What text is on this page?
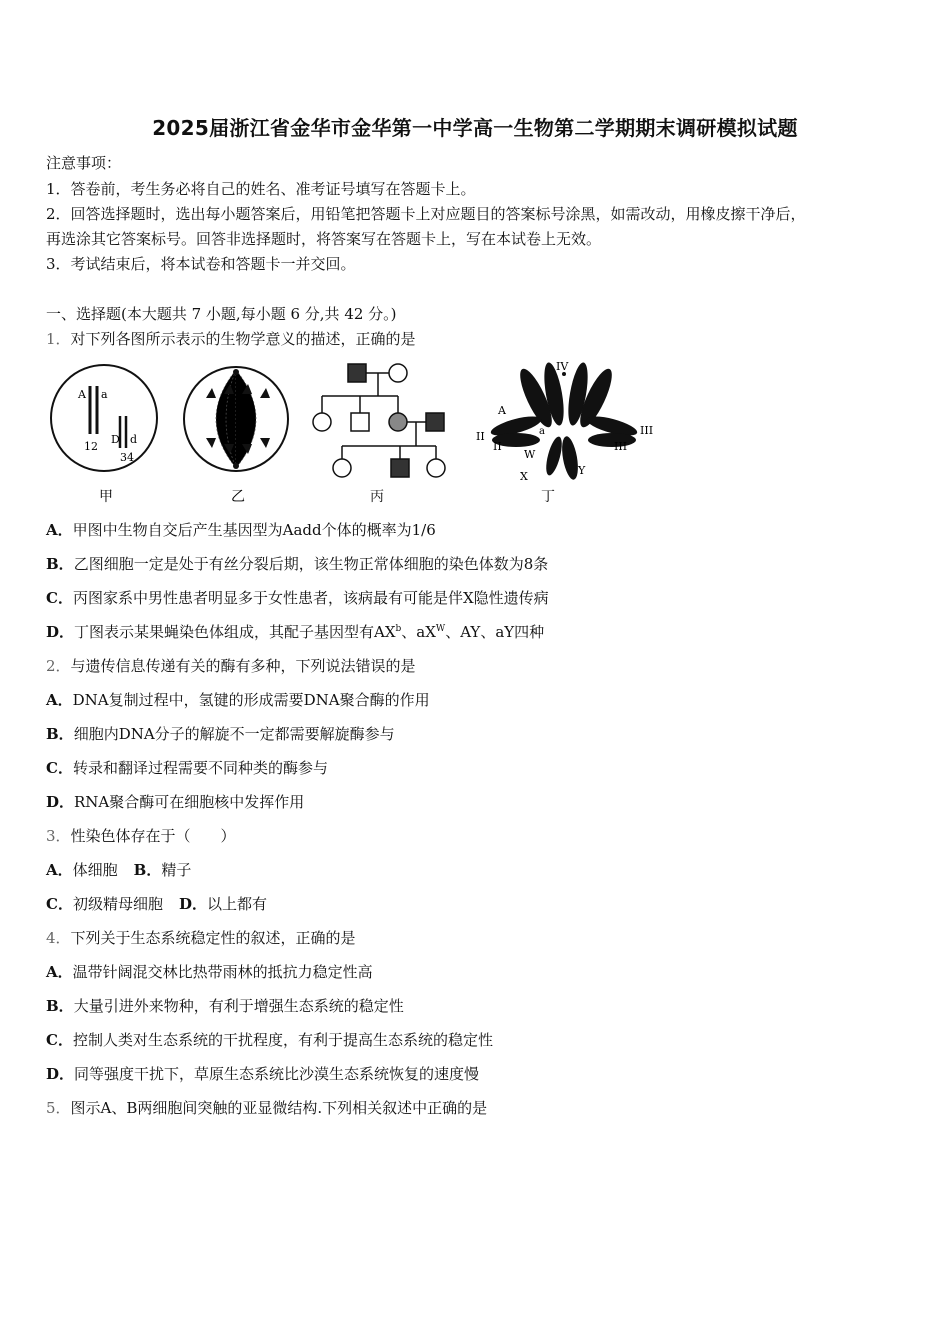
2025届浙江省金华市金华第一中学高一生物第二学期期末调研模拟试题
注意事项：
1．答卷前，考生务必将自己的姓名、准考证号填写在答题卡上。
2．回答选择题时，选出每小题答案后，用铅笔把答题卡上对应题目的答案标号涂黑，如需改动，用橡皮擦干净后，
再选涂其它答案标号。回答非选择题时，将答案写在答题卡上，写在本试卷上无效。
3．考试结束后，将本试卷和答题卡一并交回。
一、选择题(本大题共 7 小题,每小题 6 分,共 42 分。)
1．对下列各图所示表示的生物学意义的描述，正确的是
A a
12
D d
34
甲	乙	丙
IV
A
a
II
II
III
III
W
X	Y
丁
A．甲图中生物自交后产生基因型为Aadd个体的概率为1/6
B．乙图细胞一定是处于有丝分裂后期，该生物正常体细胞的染色体数为8条
C．丙图家系中男性患者明显多于女性患者，该病最有可能是伴X隐性遗传病
D．丁图表示某果蝇染色体组成，其配子基因型有$AX^b$、$aX^W$、AY、aY四种
2．与遗传信息传递有关的酶有多种，下列说法错误的是
A．DNA复制过程中，氢键的形成需要DNA聚合酶的作用
B．细胞内DNA分子的解旋不一定都需要解旋酶参与
C．转录和翻译过程需要不同种类的酶参与
D．RNA聚合酶可在细胞核中发挥作用
3．性染色体存在于（　　）
A．体细胞 B．精子
C．初级精母细胞 D．以上都有
4．下列关于生态系统稳定性的叙述，正确的是
A．温带针阔混交林比热带雨林的抵抗力稳定性高
B．大量引进外来物种，有利于增强生态系统的稳定性
C．控制人类对生态系统的干扰程度，有利于提高生态系统的稳定性
D．同等强度干扰下，草原生态系统比沙漠生态系统恢复的速度慢
5．图示A、B两细胞间突触的亚显微结构.下列相关叙述中正确的是
